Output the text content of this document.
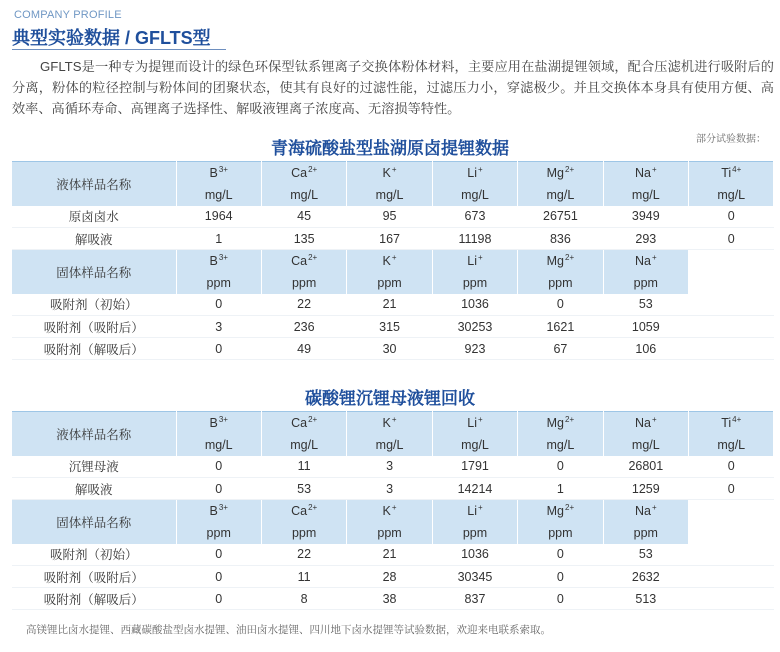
COMPANY PROFILE
典型实验数据 / GFLTS型

GFLTS是一种专为提锂而设计的绿色环保型钛系锂离子交换体粉体材料，主要应用在盐湖提锂领域，配合压滤机进行吸附后的分离，粉体的粒径控制与粉体间的团聚状态，使其有良好的过滤性能，过滤压力小，穿滤极少。并且交换体本身具有使用方便、高效率、高循环寿命、高锂离子选择性、解吸液锂离子浓度高、无溶损等特性。

青海硫酸盐型盐湖原卤提锂数据	部分试验数据：
液体样品名称	$B^{3+}$	$Ca^{2+}$	K+	Li+	$Mg^{2+}$	Na+	$Ti^{4+}$
	mg/L	mg/L	mg/L	mg/L	mg/L	mg/L	mg/L
原卤卤水	1964	45	95	673	26751	3949	0
解吸液	1	135	167	11198	836	293	0
固体样品名称	$B^{3+}$	$Ca^{2+}$	K+	Li+	$Mg^{2+}$	Na+	
	ppm	ppm	ppm	ppm	ppm	ppm	
吸附剂（初始）	0	22	21	1036	0	53	
吸附剂（吸附后）	3	236	315	30253	1621	1059	
吸附剂（解吸后）	0	49	30	923	67	106	
碳酸锂沉锂母液锂回收
液体样品名称	$B^{3+}$	$Ca^{2+}$	K+	Li+	$Mg^{2+}$	Na+	$Ti^{4+}$
	mg/L	mg/L	mg/L	mg/L	mg/L	mg/L	mg/L
沉锂母液	0	11	3	1791	0	26801	0
解吸液	0	53	3	14214	1	1259	0
固体样品名称	$B^{3+}$	$Ca^{2+}$	K+	Li+	$Mg^{2+}$	Na+	
	ppm	ppm	ppm	ppm	ppm	ppm	
吸附剂（初始）	0	22	21	1036	0	53	
吸附剂（吸附后）	0	11	28	30345	0	2632	
吸附剂（解吸后）	0	8	38	837	0	513	
高镁锂比卤水提锂、西藏碳酸盐型卤水提锂、油田卤水提锂、四川地下卤水提锂等试验数据，欢迎来电联系索取。
